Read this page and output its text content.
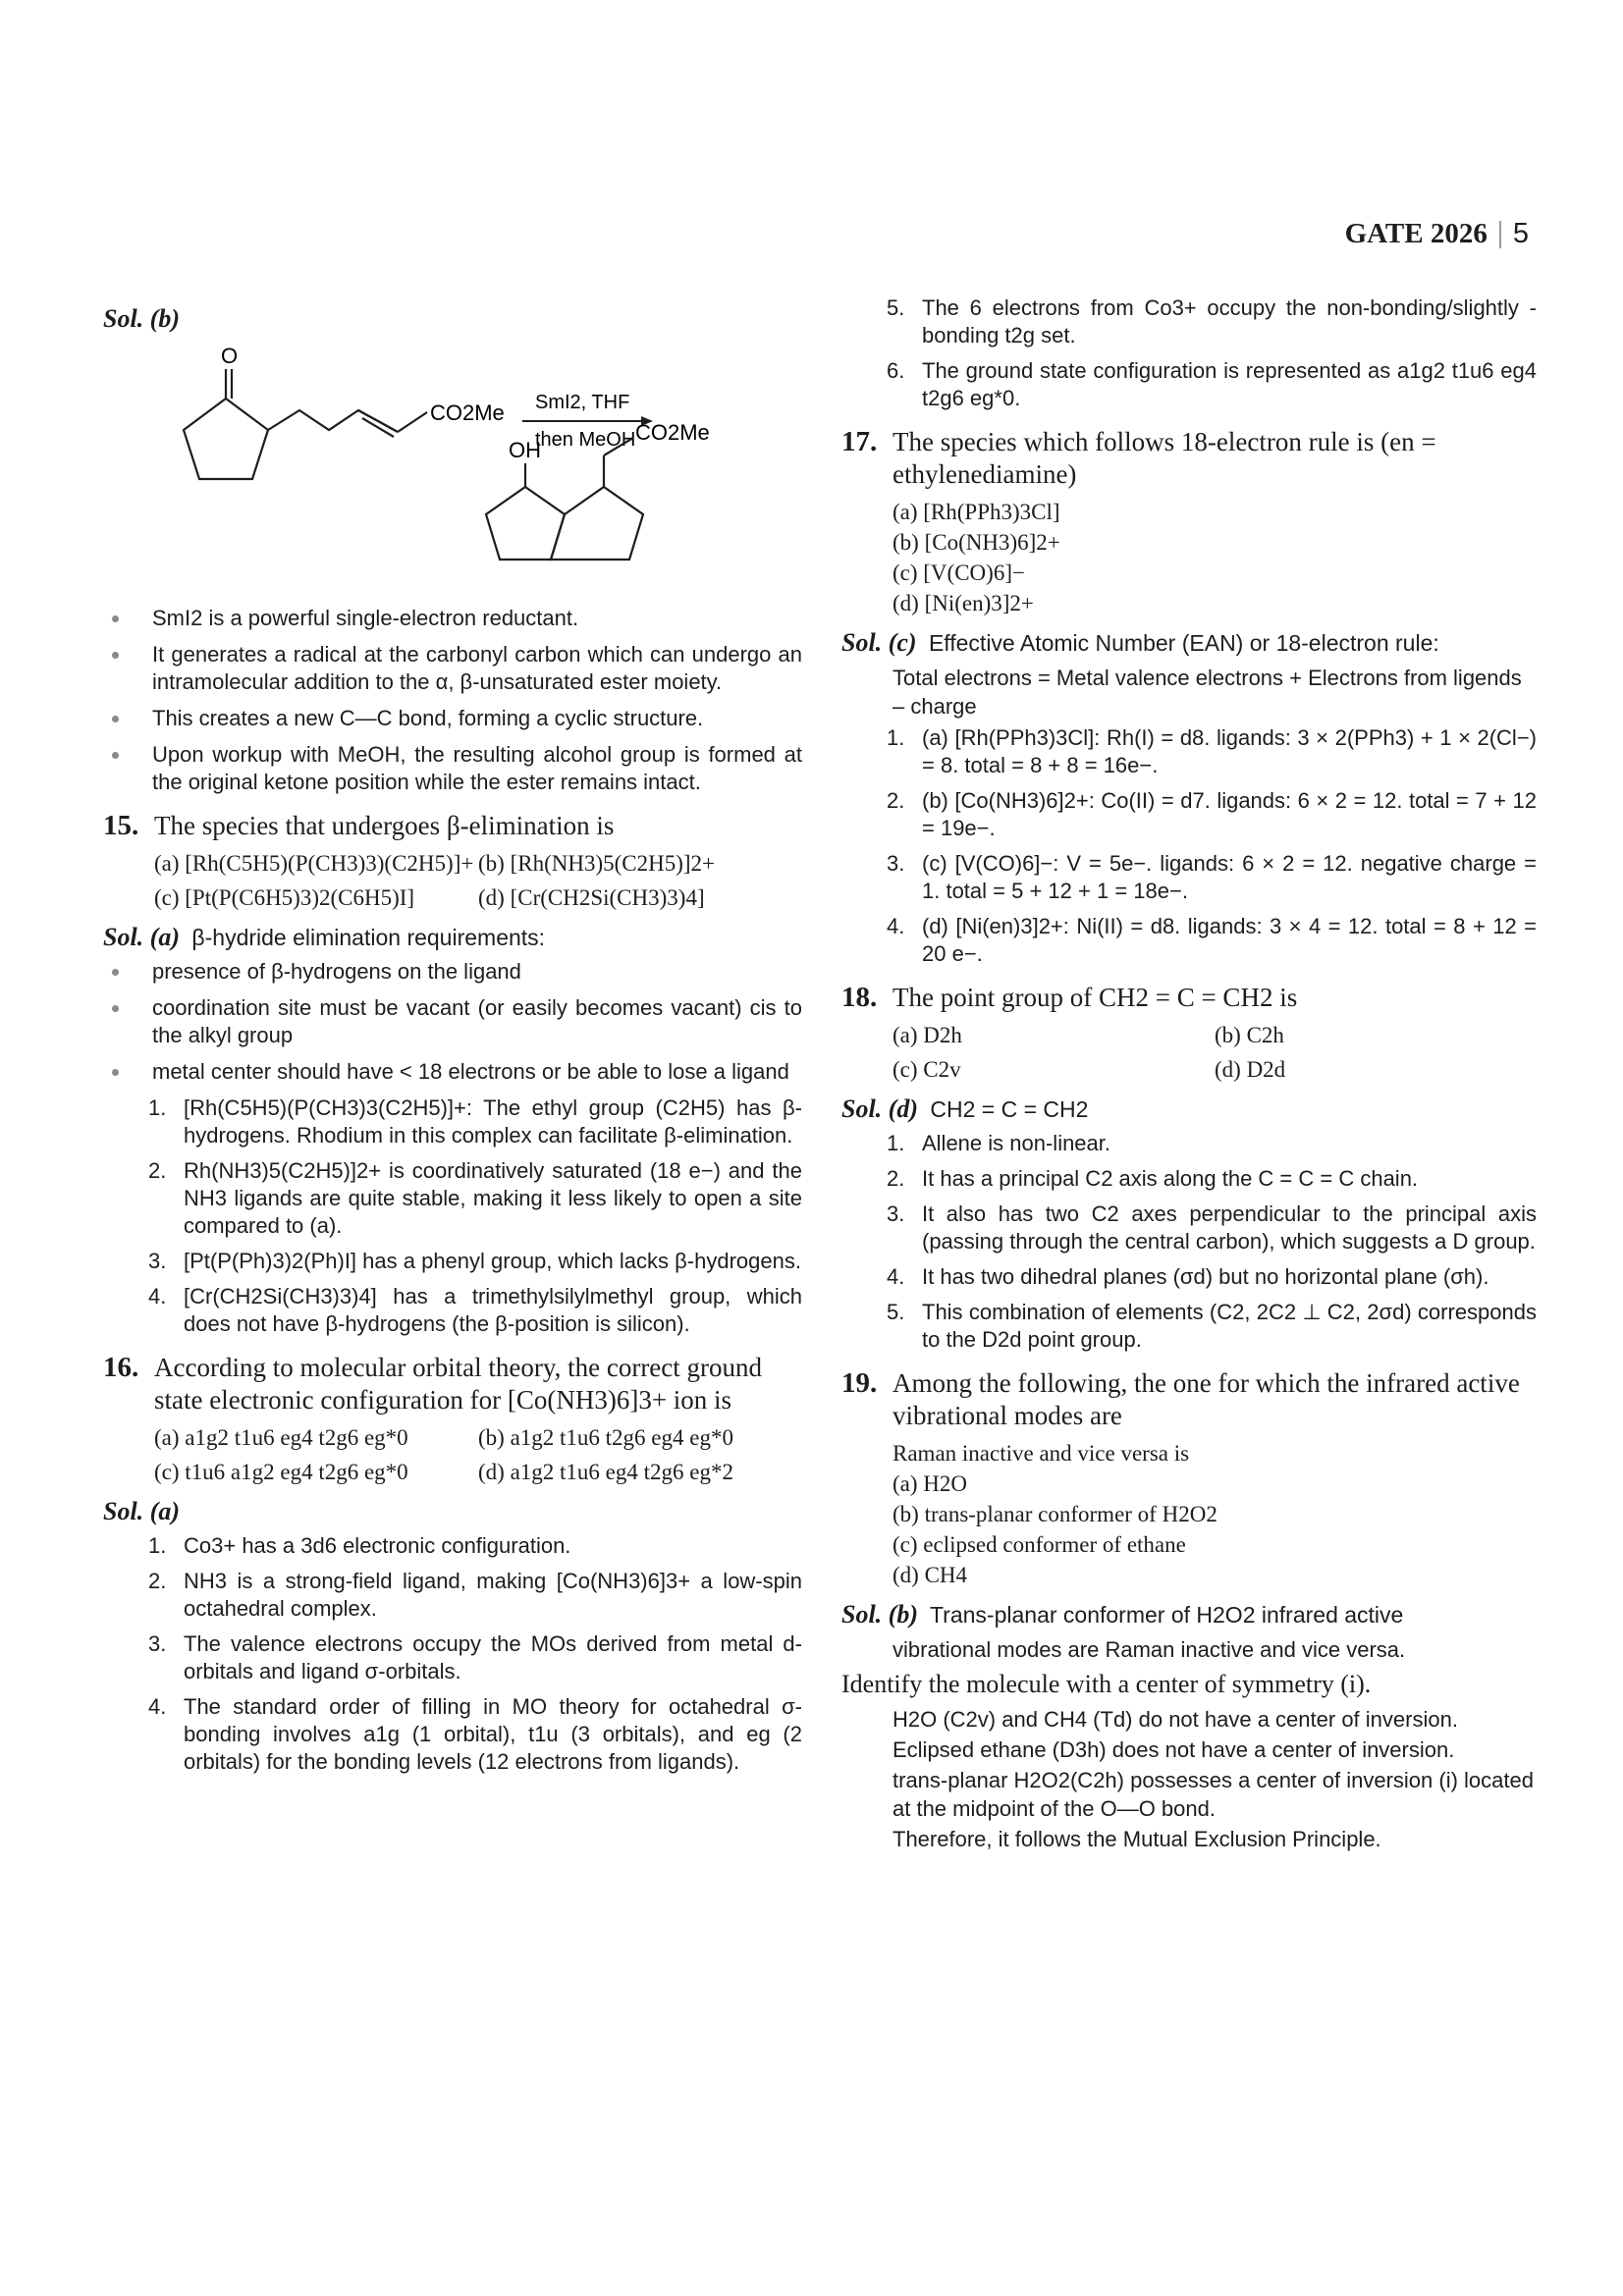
GATE 2026 5
Sol. (b)
O
CO2Me SmI2, THF
then MeOH
OH
CO2Me
SmI2 is a powerful single-electron reductant.
It generates a radical at the carbonyl carbon which can undergo an intramolecular addition to the α, β-unsaturated ester moiety.
This creates a new C—C bond, forming a cyclic structure.
Upon workup with MeOH, the resulting alcohol group is formed at the original ketone position while the ester remains intact.
15. The species that undergoes β-elimination is
(a) [Rh(C5H5)(P(CH3)3)(C2H5)]+ (b) [Rh(NH3)5(C2H5)]2+
(c) [Pt(P(C6H5)3)2(C6H5)I]	(d) [Cr(CH2Si(CH3)3)4]
Sol. (a) β-hydride elimination requirements:
presence of β-hydrogens on the ligand
coordination site must be vacant (or easily becomes vacant) cis to the alkyl group
metal center should have < 18 electrons or be able to lose a ligand
1. [Rh(C5H5)(P(CH3)3(C2H5)]+: The ethyl group (C2H5) has β-hydrogens. Rhodium in this complex can facilitate β-elimination.
2. Rh(NH3)5(C2H5)]2+ is coordinatively saturated (18 e−) and the NH3 ligands are quite stable, making it less likely to open a site compared to (a).
3. [Pt(P(Ph)3)2(Ph)I] has a phenyl group, which lacks β-hydrogens.
4. [Cr(CH2Si(CH3)3)4] has a trimethylsilylmethyl group, which does not have β-hydrogens (the β-position is silicon).
16. According to molecular orbital theory, the correct ground state electronic configuration for [Co(NH3)6]3+ ion is
(a) a1g2 t1u6 eg4 t2g6 eg*0	(b) a1g2 t1u6 t2g6 eg4 eg*0
(c) t1u6 a1g2 eg4 t2g6 eg*0	(d) a1g2 t1u6 eg4 t2g6 eg*2
Sol. (a)
1. Co3+ has a 3d6 electronic configuration.
2. NH3 is a strong-field ligand, making [Co(NH3)6]3+ a low-spin octahedral complex.
3. The valence electrons occupy the MOs derived from metal d-orbitals and ligand σ-orbitals.
4. The standard order of filling in MO theory for octahedral σ-bonding involves a1g (1 orbital), t1u (3 orbitals), and eg (2 orbitals) for the bonding levels (12 electrons from ligands).
5. The 6 electrons from Co3+ occupy the non-bonding/slightly -bonding t2g set.
6. The ground state configuration is represented as a1g2 t1u6 eg4 t2g6 eg*0.
17. The species which follows 18-electron rule is (en = ethylenediamine)
(a) [Rh(PPh3)3Cl]
(b) [Co(NH3)6]2+
(c) [V(CO)6]−
(d) [Ni(en)3]2+
Sol. (c) Effective Atomic Number (EAN) or 18-electron rule:
Total electrons = Metal valence electrons + Electrons from ligends – charge
1. (a) [Rh(PPh3)3Cl]: Rh(I) = d8. ligands: 3 × 2(PPh3) + 1 × 2(Cl−) = 8. total = 8 + 8 = 16e−.
2. (b) [Co(NH3)6]2+: Co(II) = d7. ligands: 6 × 2 = 12. total = 7 + 12 = 19e−.
3. (c) [V(CO)6]−: V = 5e−. ligands: 6 × 2 = 12. negative charge = 1. total = 5 + 12 + 1 = 18e−.
4. (d) [Ni(en)3]2+: Ni(II) = d8. ligands: 3 × 4 = 12. total = 8 + 12 = 20 e−.
18. The point group of CH2 = C = CH2 is
(a) D2h	(b) C2h
(c) C2v	(d) D2d
Sol. (d) CH2 = C = CH2
1. Allene is non-linear.
2. It has a principal C2 axis along the C = C = C chain.
3. It also has two C2 axes perpendicular to the principal axis (passing through the central carbon), which suggests a D group.
4. It has two dihedral planes (σd) but no horizontal plane (σh).
5. This combination of elements (C2, 2C2 ⊥ C2, 2σd) corresponds to the D2d point group.
19. Among the following, the one for which the infrared active vibrational modes are
Raman inactive and vice versa is
(a) H2O
(b) trans-planar conformer of H2O2
(c) eclipsed conformer of ethane
(d) CH4
Sol. (b) Trans-planar conformer of H2O2 infrared active
vibrational modes are Raman inactive and vice versa.
Identify the molecule with a center of symmetry (i).
H2O (C2v) and CH4 (Td) do not have a center of inversion.
Eclipsed ethane (D3h) does not have a center of inversion.
trans-planar H2O2(C2h) possesses a center of inversion (i) located at the midpoint of the O—O bond.
Therefore, it follows the Mutual Exclusion Principle.
